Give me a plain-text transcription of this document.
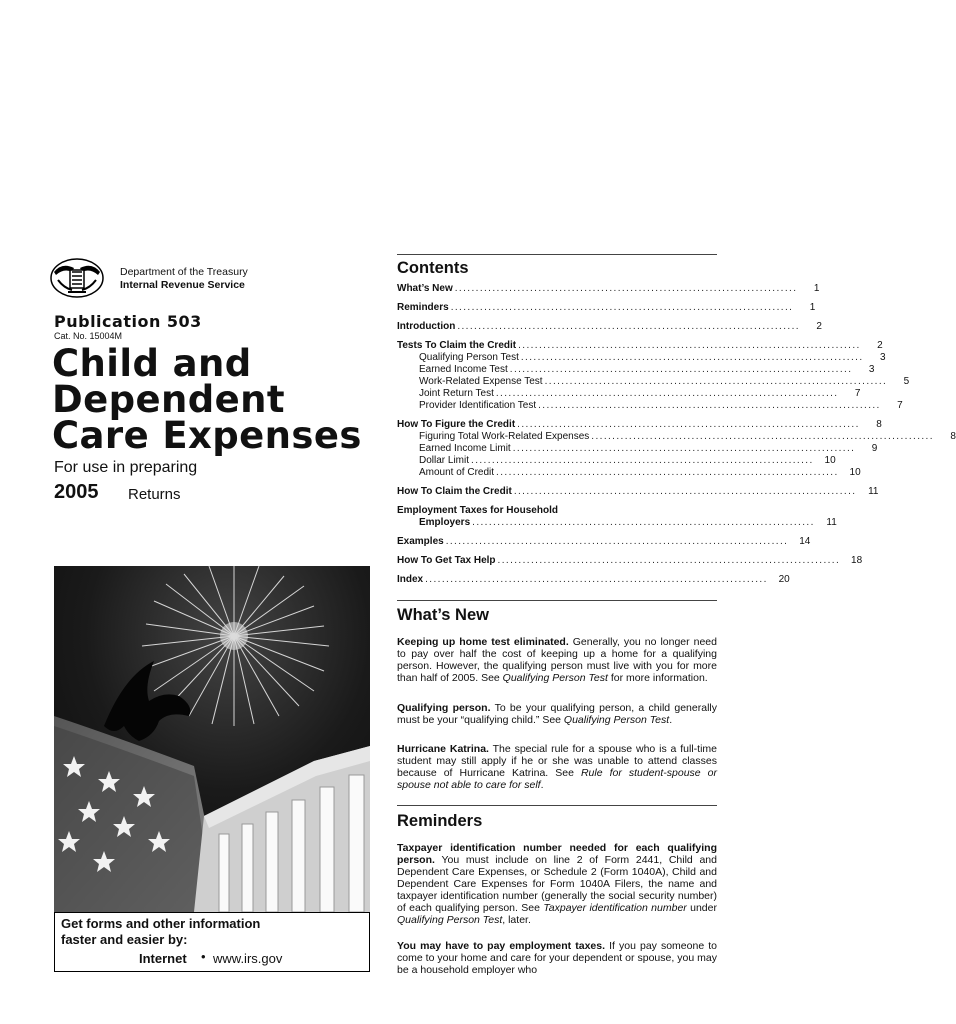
Department of the Treasury
Internal Revenue Service
Publication 503
Cat. No. 15004M
Child and
Dependent
Care Expenses
For use in preparing
2005 Returns
Get forms and other information
faster and easier by:
Internet • www.irs.gov
Contents
What’s New ..................................................................................	1
Reminders ..................................................................................	1
Introduction ..................................................................................	2
Tests To Claim the Credit ..................................................................................	2
Qualifying Person Test ..................................................................................	3
Earned Income Test ..................................................................................	3
Work-Related Expense Test ..................................................................................	5
Joint Return Test ..................................................................................	7
Provider Identification Test ..................................................................................	7
How To Figure the Credit ..................................................................................	8
Figuring Total Work-Related Expenses ..................................................................................	8
Earned Income Limit ..................................................................................	9
Dollar Limit ..................................................................................	10
Amount of Credit ..................................................................................	10
How To Claim the Credit ..................................................................................	11
Employment Taxes for Household
Employers ..................................................................................	11
Examples ..................................................................................	14
How To Get Tax Help ..................................................................................	18
Index ..................................................................................	20
What’s New
Keeping up home test eliminated. Generally, you no longer need to pay over half the cost of keeping up a home for a qualifying person. However, the qualifying person must live with you for more than half of 2005. See Qualifying Person Test for more information.
Qualifying person. To be your qualifying person, a child generally must be your “qualifying child.” See Qualifying Person Test.
Hurricane Katrina. The special rule for a spouse who is a full-time student may still apply if he or she was unable to attend classes because of Hurricane Katrina. See Rule for student-spouse or spouse not able to care for self.
Reminders
Taxpayer identification number needed for each qualifying person. You must include on line 2 of Form 2441, Child and Dependent Care Expenses, or Schedule 2 (Form 1040A), Child and Dependent Care Expenses for Form 1040A Filers, the name and taxpayer identification number (generally the social security number) of each qualifying person. See Taxpayer identification number under Qualifying Person Test, later.
You may have to pay employment taxes. If you pay someone to come to your home and care for your dependent or spouse, you may be a household employer who
